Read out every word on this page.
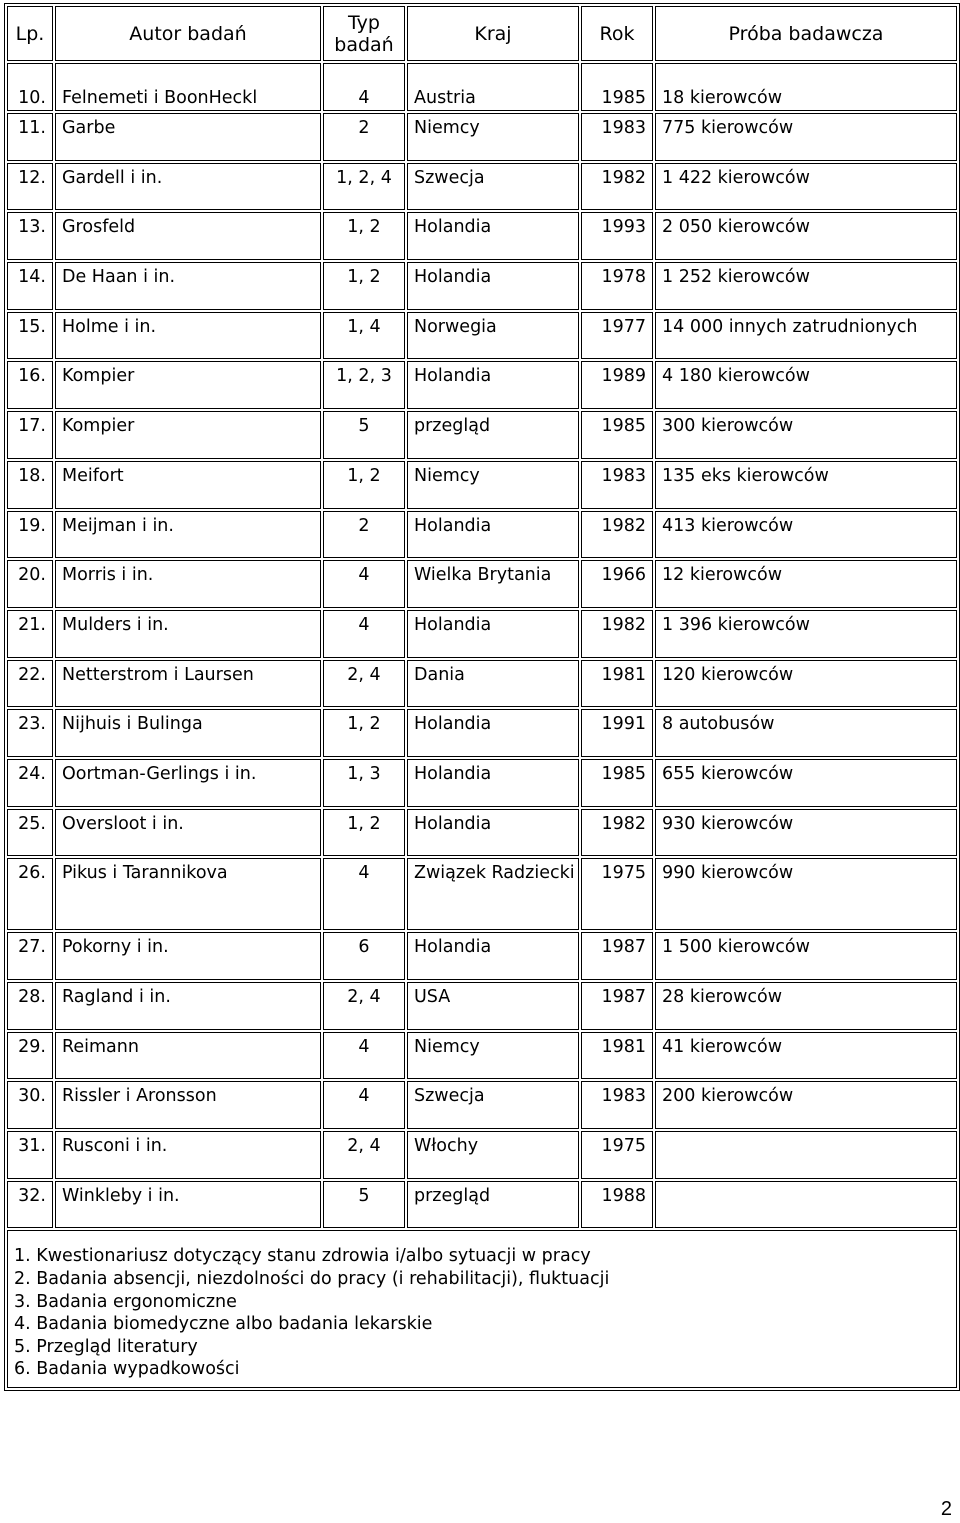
Lp.	Autor badań	Typ badań	Kraj	Rok	Próba badawcza
10.	Felnemeti i BoonHeckl	4	Austria	1985	18 kierowców
11.	Garbe	2	Niemcy	1983	775 kierowców
12.	Gardell i in.	1, 2, 4	Szwecja	1982	1 422 kierowców
13.	Grosfeld	1, 2	Holandia	1993	2 050 kierowców
14.	De Haan i in.	1, 2	Holandia	1978	1 252 kierowców
15.	Holme i in.	1, 4	Norwegia	1977	14 000 innych zatrudnionych
16.	Kompier	1, 2, 3	Holandia	1989	4 180 kierowców
17.	Kompier	5	przegląd	1985	300 kierowców
18.	Meifort	1, 2	Niemcy	1983	135 eks kierowców
19.	Meijman i in.	2	Holandia	1982	413 kierowców
20.	Morris i in.	4	Wielka Brytania	1966	12 kierowców
21.	Mulders i in.	4	Holandia	1982	1 396 kierowców
22.	Netterstrom i Laursen	2, 4	Dania	1981	120 kierowców
23.	Nijhuis i Bulinga	1, 2	Holandia	1991	8 autobusów
24.	Oortman-Gerlings i in.	1, 3	Holandia	1985	655 kierowców
25.	Oversloot i in.	1, 2	Holandia	1982	930 kierowców
26.	Pikus i Tarannikova	4	Związek Radziecki	1975	990 kierowców
27.	Pokorny i in.	6	Holandia	1987	1 500 kierowców
28.	Ragland i in.	2, 4	USA	1987	28 kierowców
29.	Reimann	4	Niemcy	1981	41 kierowców
30.	Rissler i Aronsson	4	Szwecja	1983	200 kierowców
31.	Rusconi i in.	2, 4	Włochy	1975	
32.	Winkleby i in.	5	przegląd	1988	
1. Kwestionariusz dotyczący stanu zdrowia i/albo sytuacji w pracy
2. Badania absencji, niezdolności do pracy (i rehabilitacji), fluktuacji
3. Badania ergonomiczne
4. Badania biomedyczne albo badania lekarskie
5. Przegląd literatury
6. Badania wypadkowości
2
